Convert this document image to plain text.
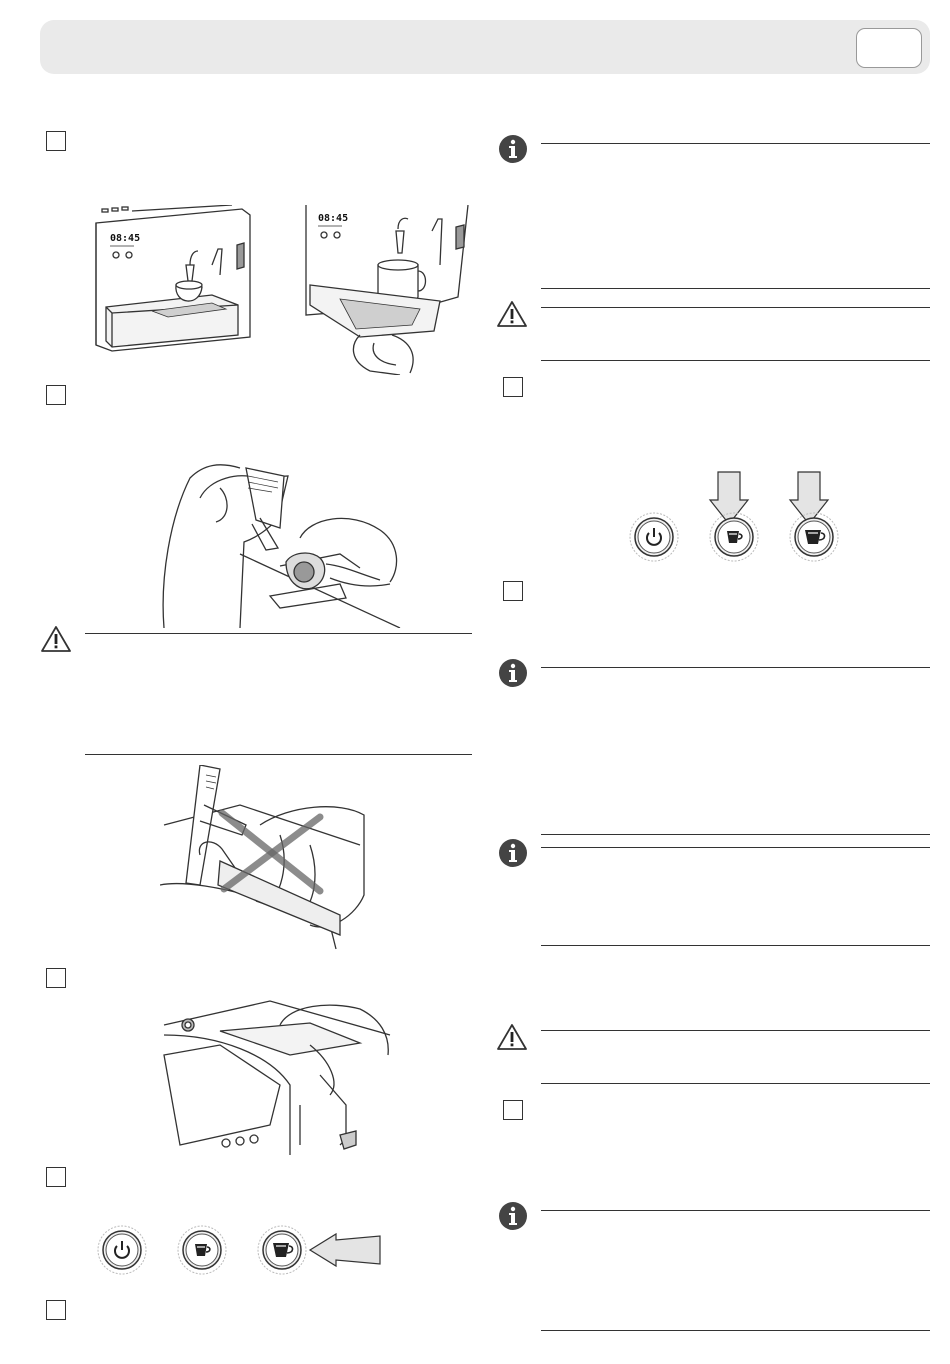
08:45
08:45
